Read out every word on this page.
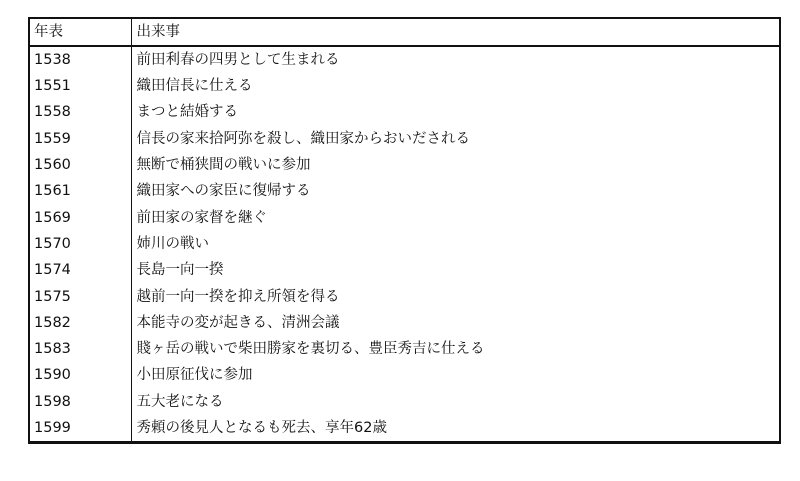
年表	出来事
1538	前田利春の四男として生まれる
1551	織田信長に仕える
1558	まつと結婚する
1559	信長の家来拾阿弥を殺し、織田家からおいだされる
1560	無断で桶狭間の戦いに参加
1561	織田家への家臣に復帰する
1569	前田家の家督を継ぐ
1570	姉川の戦い
1574	長島一向一揆
1575	越前一向一揆を抑え所領を得る
1582	本能寺の変が起きる、清洲会議
1583	賤ヶ岳の戦いで柴田勝家を裏切る、豊臣秀吉に仕える
1590	小田原征伐に参加
1598	五大老になる
1599	秀頼の後見人となるも死去、享年62歳
